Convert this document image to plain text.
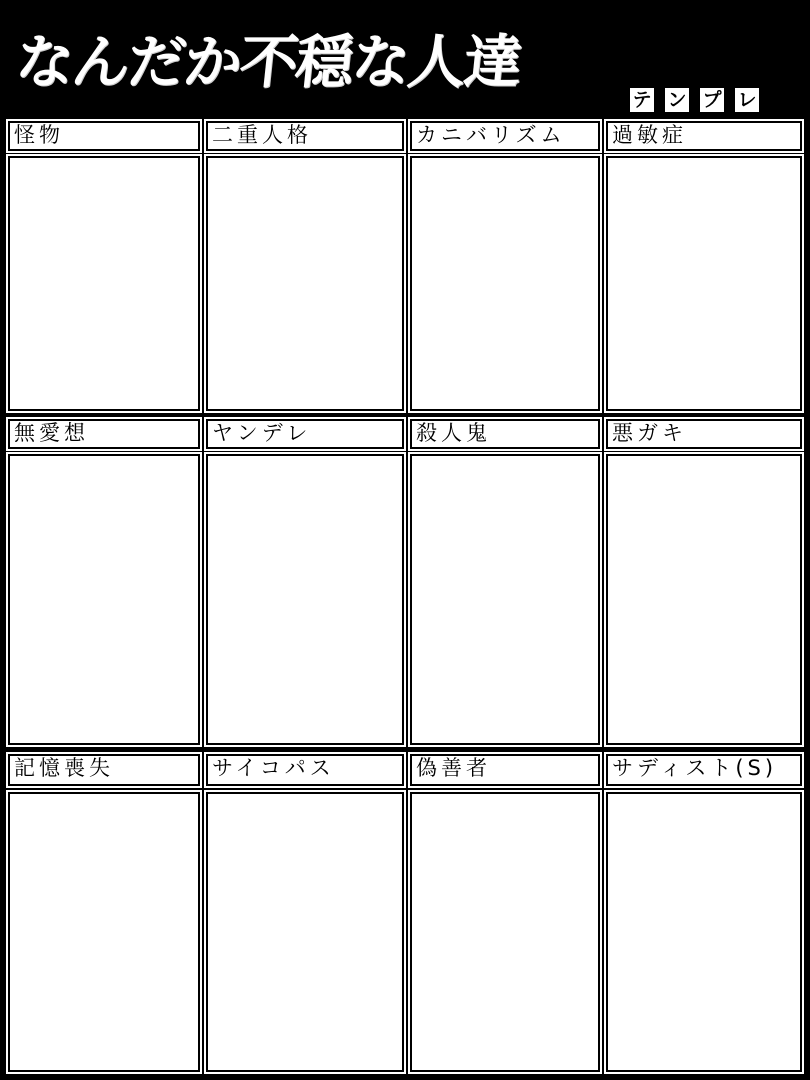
なんだか不穏な人達
テ ン プ レ
怪物	二重人格	カニバリズム	過敏症
無愛想	ヤンデレ	殺人鬼	悪ガキ
記憶喪失	サイコパス	偽善者	サディスト(S)
